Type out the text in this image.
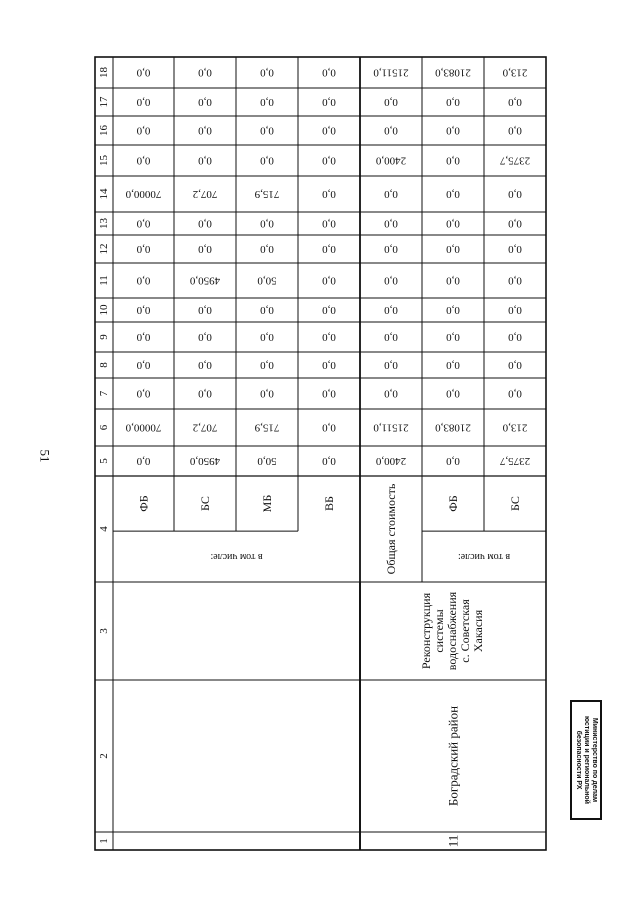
51
18
17
16
15
14
13
12
11
10
9
8
7
6
5
4
3
2
1
0,0
70000,0
0,0
0,0
0,0
0,0
0,0
0,0
0,0
70000,0
0,0
0,0
0,0
0,0
ФБ
4950,0
707,2
0,0
0,0
0,0
0,0
4950,0
0,0
0,0
707,2
0,0
0,0
0,0
0,0
БС
50,0
715,9
0,0
0,0
0,0
0,0
50,0
0,0
0,0
715,9
0,0
0,0
0,0
0,0
МБ
0,0
0,0
0,0
0,0
0,0
0,0
0,0
0,0
0,0
0,0
0,0
0,0
0,0
0,0
ВБ
2400,0
21511,0
0,0
0,0
0,0
0,0
0,0
0,0
0,0
0,0
2400,0
0,0
0,0
21511,0
0,0
21083,0
0,0
0,0
0,0
0,0
0,0
0,0
0,0
0,0
0,0
0,0
0,0
21083,0
ФБ
2375,7
213,0
0,0
0,0
0,0
0,0
0,0
0,0
0,0
0,0
2375,7
0,0
0,0
213,0
БС
в том числе:	в том числе:
Общая стоимость
11
Боградский район
Реконструкция системы водоснабжения с. Советская Хакасия
Министерство по делам
юстиции и региональной
безопасности РХ
